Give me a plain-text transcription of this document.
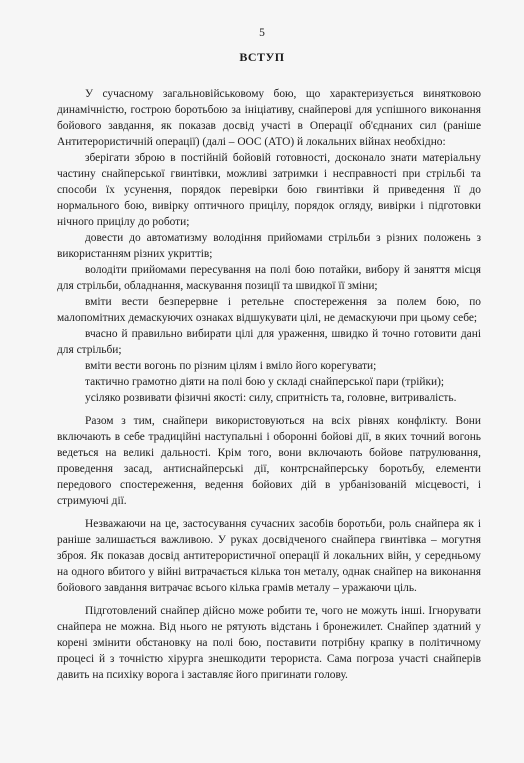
5
ВСТУП

У сучасному загальновійськовому бою, що характеризується винятковою динамічністю, гострою боротьбою за ініціативу, снайперові для успішного виконання бойового завдання, як показав досвід участі в Операції об'єднаних сил (раніше Антитерористичній операції) (далі – ООС (АТО) й локальних війнах необхідно:

зберігати зброю в постійній бойовій готовності, досконало знати матеріальну частину снайперської гвинтівки, можливі затримки і несправності при стрільбі та способи їх усунення, порядок перевірки бою гвинтівки й приведення її до нормального бою, вивірку оптичного прицілу, порядок огляду, вивірки і підготовки нічного прицілу до роботи;

довести до автоматизму володіння прийомами стрільби з різних положень з використанням різних укриттів;

володіти прийомами пересування на полі бою потайки, вибору й заняття місця для стрільби, обладнання, маскування позиції та швидкої її зміни;

вміти вести безперервне і ретельне спостереження за полем бою, по малопомітних демаскуючих ознаках відшукувати цілі, не демаскуючи при цьому себе;

вчасно й правильно вибирати цілі для ураження, швидко й точно готовити дані для стрільби;

вміти вести вогонь по різним цілям і вміло його корегувати;

тактично грамотно діяти на полі бою у складі снайперської пари (трійки);

усіляко розвивати фізичні якості: силу, спритність та, головне, витривалість.

Разом з тим, снайпери використовуються на всіх рівнях конфлікту. Вони включають в себе традиційні наступальні і оборонні бойові дії, в яких точний вогонь ведеться на великі дальності. Крім того, вони включають бойове патрулювання, проведення засад, антиснайперські дії, контрснайперську боротьбу, елементи передового спостереження, ведення бойових дій в урбанізованій місцевості, і стримуючі дії.

Незважаючи на це, застосування сучасних засобів боротьби, роль снайпера як і раніше залишається важливою. У руках досвідченого снайпера гвинтівка – могутня зброя. Як показав досвід антитерористичної операції й локальних війн, у середньому на одного вбитого у війні витрачається кілька тон металу, однак снайпер на виконання бойового завдання витрачає всього кілька грамів металу – уражаючи ціль.

Підготовлений снайпер дійсно може робити те, чого не можуть інші. Ігнорувати снайпера не можна. Від нього не рятують відстань і бронежилет. Снайпер здатний у корені змінити обстановку на полі бою, поставити потрібну крапку в політичному процесі й з точністю хірурга знешкодити терориста. Сама погроза участі снайперів давить на психіку ворога і заставляє його пригинати голову.
